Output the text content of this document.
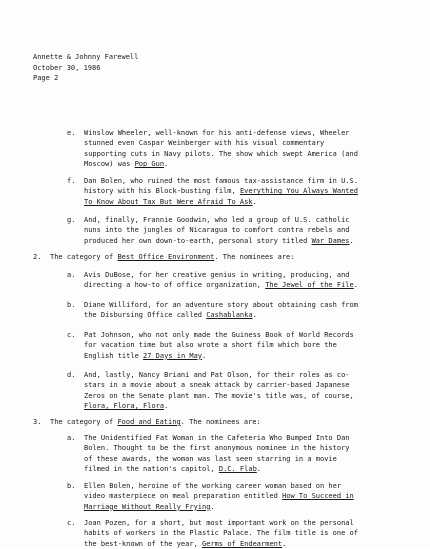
Annette & Johnny Farewell
October 30, 1986
Page 2
e. Winslow Wheeler, well-known for his anti-defense views, Wheeler
stunned even Caspar Weinberger with his visual commentary
supporting cuts in Navy pilots. The show which swept America (and
Moscow) was Pop Gun.
f. Dan Bolen, who ruined the most famous tax-assistance firm in U.S.
history with his Block-busting film, Everything You Always Wanted
To Know About Tax But Were Afraid To Ask.
g. And, finally, Frannie Goodwin, who led a group of U.S. catholic
nuns into the jungles of Nicaragua to comfort contra rebels and
produced her own down-to-earth, personal story titled War Dames.
2. The category of Best Office Environment. The nominees are:
a. Avis DuBose, for her creative genius in writing, producing, and
directing a how-to of office organization, The Jewel of the File.
b. Diane Williford, for an adventure story about obtaining cash from
the Disbursing Office called Cashablanka.
c. Pat Johnson, who not only made the Guiness Book of World Records
for vacation time but also wrote a short film which bore the
English title 27 Days in May.
d. And, lastly, Nancy Briani and Pat Olson, for their roles as co-
stars in a movie about a sneak attack by carrier-based Japanese
Zeros on the Senate plant man. The movie's title was, of course,
Flora, Flora, Flora.
3. The category of Food and Eating. The nominees are:
a. The Unidentified Fat Woman in the Cafeteria Who Bumped Into Dan
Bolen. Thought to be the first anonymous nominee in the history
of these awards, the woman was last seen starring in a movie
filmed in the nation's capitol, D.C. Flab.
b. Ellen Bolen, heroine of the working career woman based on her
video masterpiece on meal preparation entitled How To Succeed in
Marriage Without Really Frying.
c. Joan Pozen, for a short, but most important work on the personal
habits of workers in the Plastic Palace. The film title is one of
the best-known of the year, Germs of Endearment.
